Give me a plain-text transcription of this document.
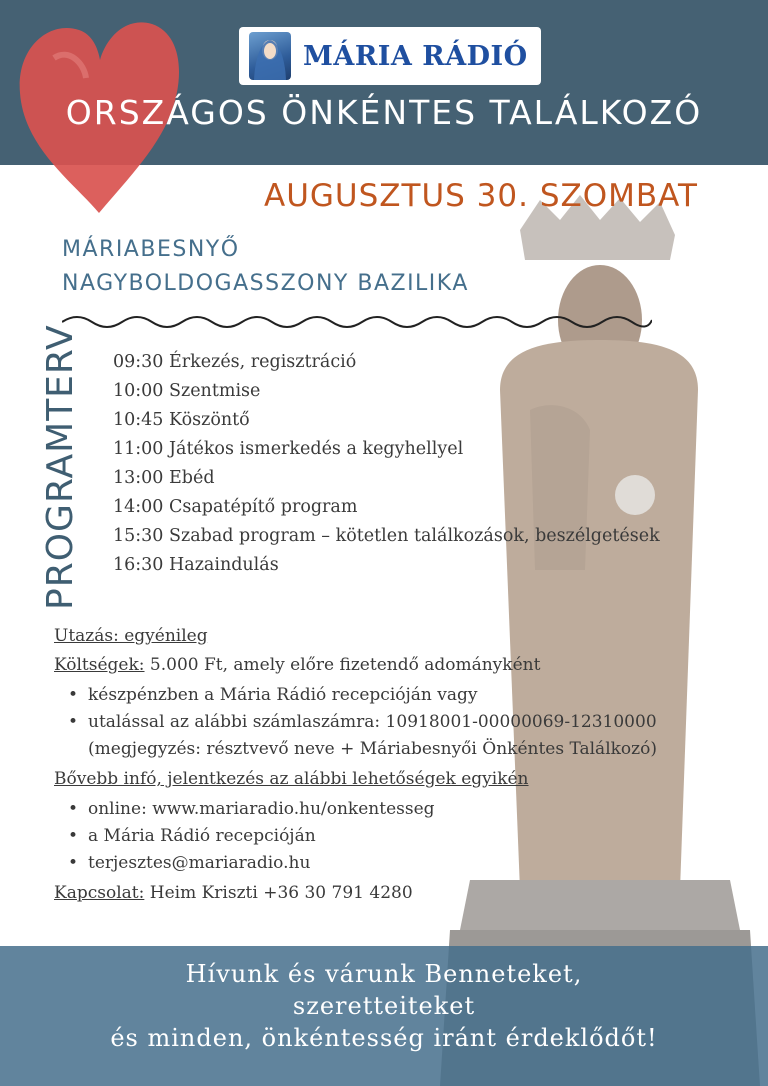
MÁRIA RÁDIÓ
ORSZÁGOS ÖNKÉNTES TALÁLKOZÓ
AUGUSZTUS 30. SZOMBAT
MÁRIABESNYŐ
NAGYBOLDOGASSZONY BAZILIKA
PROGRAMTERV 09:30 Érkezés, regisztráció
10:00 Szentmise
10:45 Köszöntő
11:00 Játékos ismerkedés a kegyhellyel
13:00 Ebéd
14:00 Csapatépítő program
15:30 Szabad program – kötetlen találkozások, beszélgetések
16:30 Hazaindulás
Utazás: egyénileg
Költségek: 5.000 Ft, amely előre fizetendő adományként
• készpénzben a Mária Rádió recepcióján vagy
• utalással az alábbi számlaszámra: 10918001-00000069-12310000 (megjegyzés: résztvevő neve + Máriabesnyői Önkéntes Találkozó)
Bővebb infó, jelentkezés az alábbi lehetőségek egyikén
• online: www.mariaradio.hu/onkentesseg
• a Mária Rádió recepcióján
• terjesztes@mariaradio.hu
Kapcsolat: Heim Kriszti +36 30 791 4280
Hívunk és várunk Benneteket,
szeretteiteket
és minden, önkéntesség iránt érdeklődőt!
